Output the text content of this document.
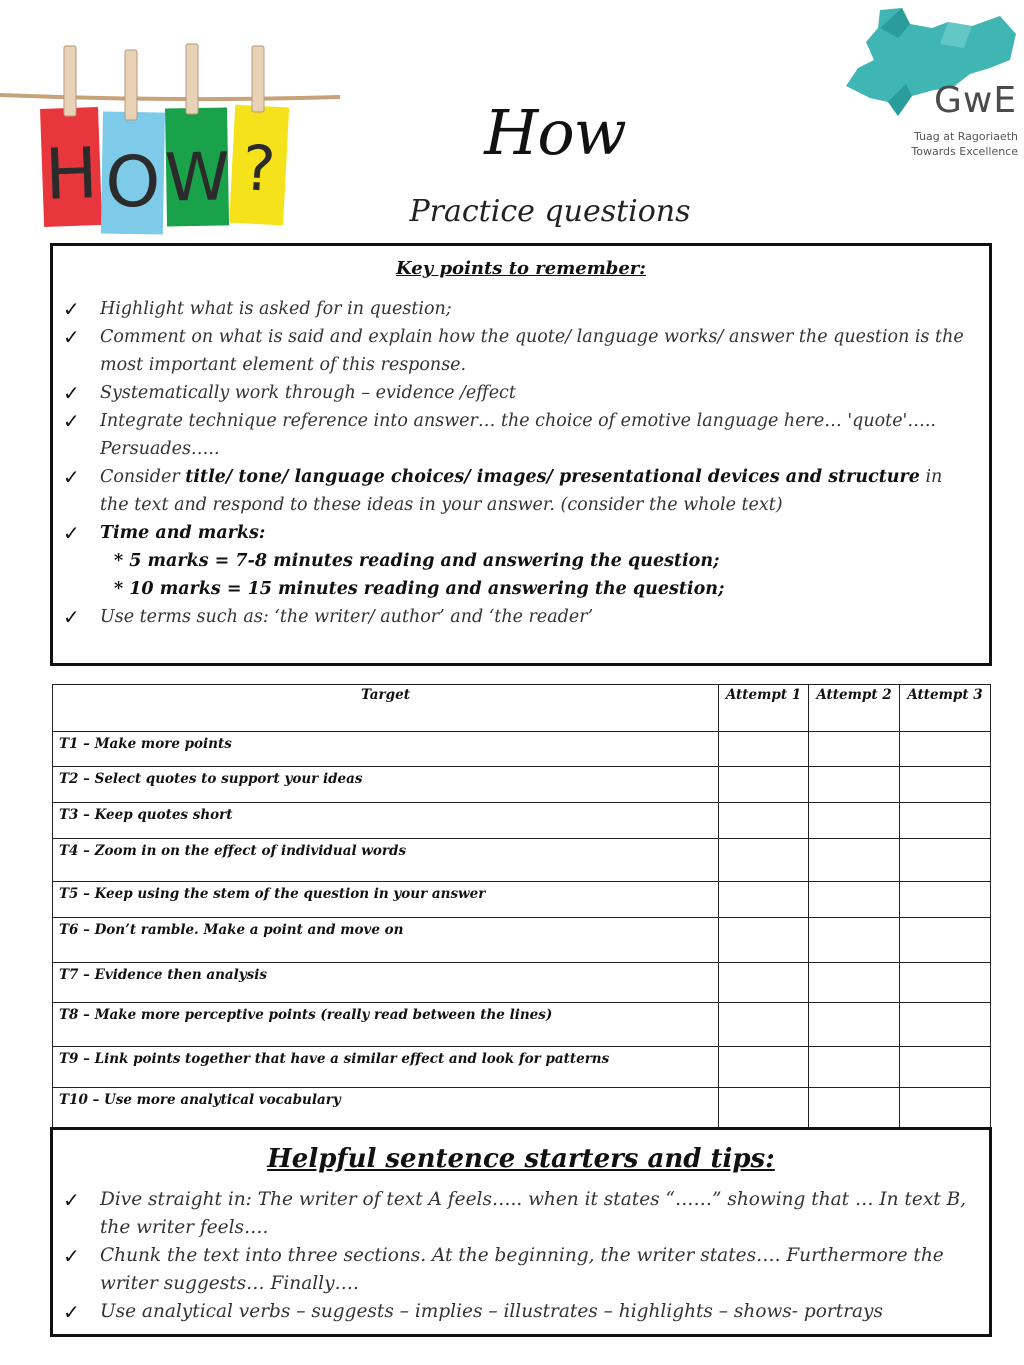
H O W ?
GwE
Tuag at Ragoriaeth
Towards Excellence
How
Practice questions
Key points to remember:
✓ Highlight what is asked for in question;
✓ Comment on what is said and explain how the quote/ language works/ answer the question is the most important element of this response.
✓ Systematically work through – evidence /effect
✓ Integrate technique reference into answer… the choice of emotive language here… 'quote'….. Persuades…..
✓ Consider title/ tone/ language choices/ images/ presentational devices and structure in the text and respond to these ideas in your answer. (consider the whole text)
✓ Time and marks:
* 5 marks = 7-8 minutes reading and answering the question;
* 10 marks = 15 minutes reading and answering the question;
✓ Use terms such as: ‘the writer/ author’ and ‘the reader’
Target	Attempt 1	Attempt 2	Attempt 3
T1 – Make more points			
T2 – Select quotes to support your ideas			
T3 – Keep quotes short			
T4 – Zoom in on the effect of individual words			
T5 – Keep using the stem of the question in your answer			
T6 – Don’t ramble. Make a point and move on			
T7 – Evidence then analysis			
T8 – Make more perceptive points (really read between the lines)			
T9 – Link points together that have a similar effect and look for patterns			
T10 – Use more analytical vocabulary			
Helpful sentence starters and tips:
✓ Dive straight in: The writer of text A feels….. when it states “……” showing that … In text B, the writer feels….
✓ Chunk the text into three sections. At the beginning, the writer states…. Furthermore the writer suggests… Finally….
✓ Use analytical verbs – suggests – implies – illustrates – highlights – shows- portrays
